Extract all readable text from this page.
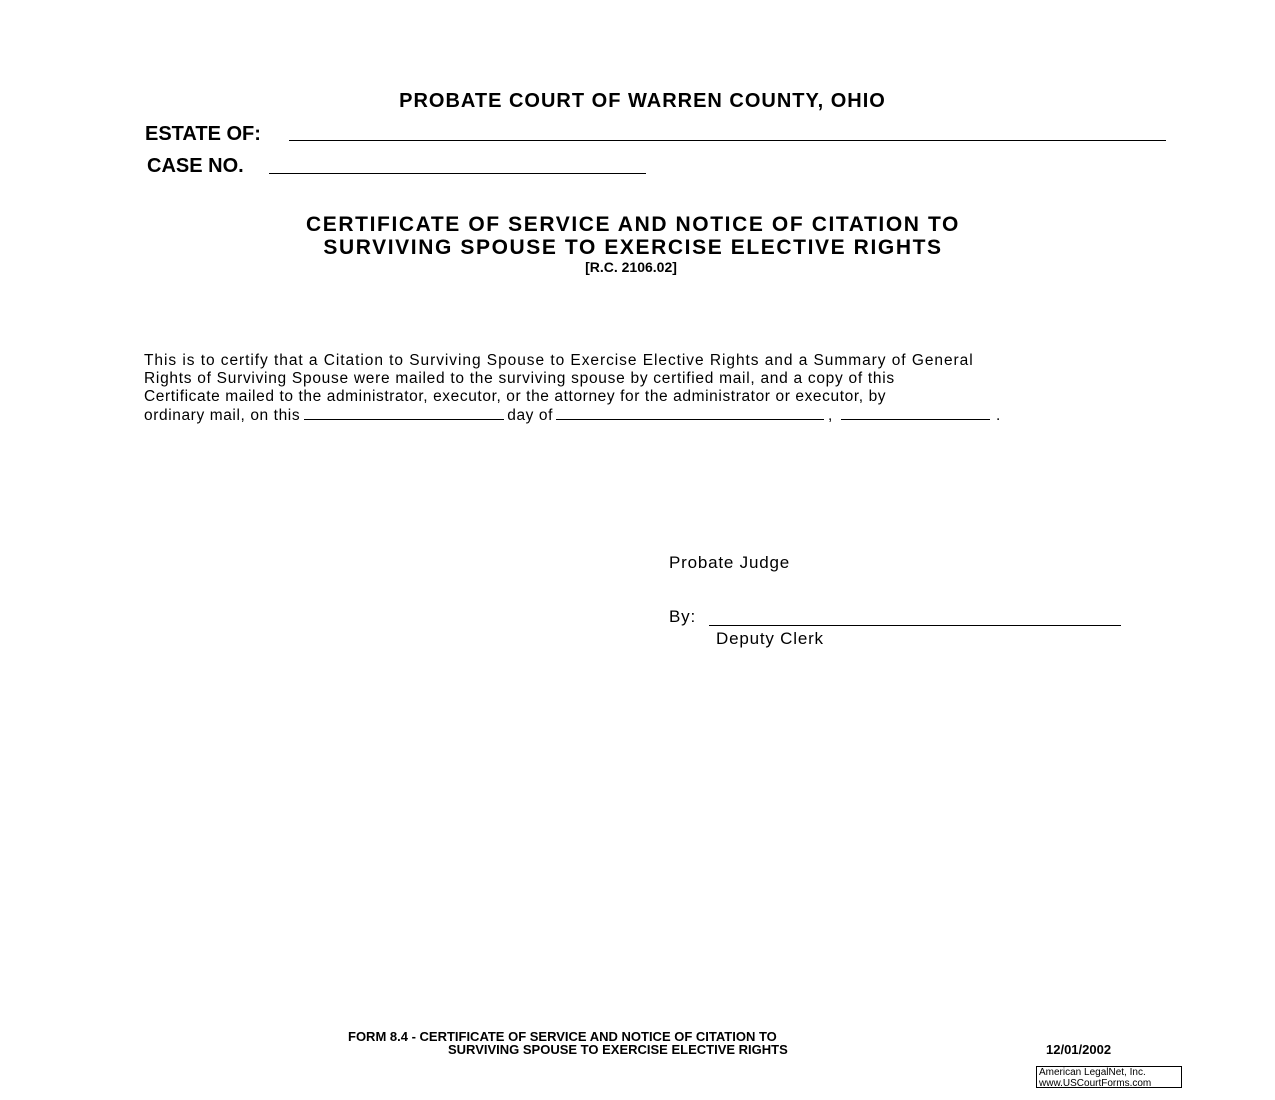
PROBATE COURT OF WARREN COUNTY, OHIO
ESTATE OF:
CASE NO.
CERTIFICATE OF SERVICE AND NOTICE OF CITATION TO
SURVIVING SPOUSE TO EXERCISE ELECTIVE RIGHTS
[R.C. 2106.02]
This is to certify that a Citation to Surviving Spouse to Exercise Elective Rights and a Summary of General
Rights of Surviving Spouse were mailed to the surviving spouse by certified mail, and a copy of this
Certificate mailed to the administrator, executor, or the attorney for the administrator or executor, by
ordinary mail, on this	day of	,	.
Probate Judge
By:
Deputy Clerk
FORM 8.4 - CERTIFICATE OF SERVICE AND NOTICE OF CITATION TO
SURVIVING SPOUSE TO EXERCISE ELECTIVE RIGHTS	12/01/2002
American LegalNet, Inc.
www.USCourtForms.com
